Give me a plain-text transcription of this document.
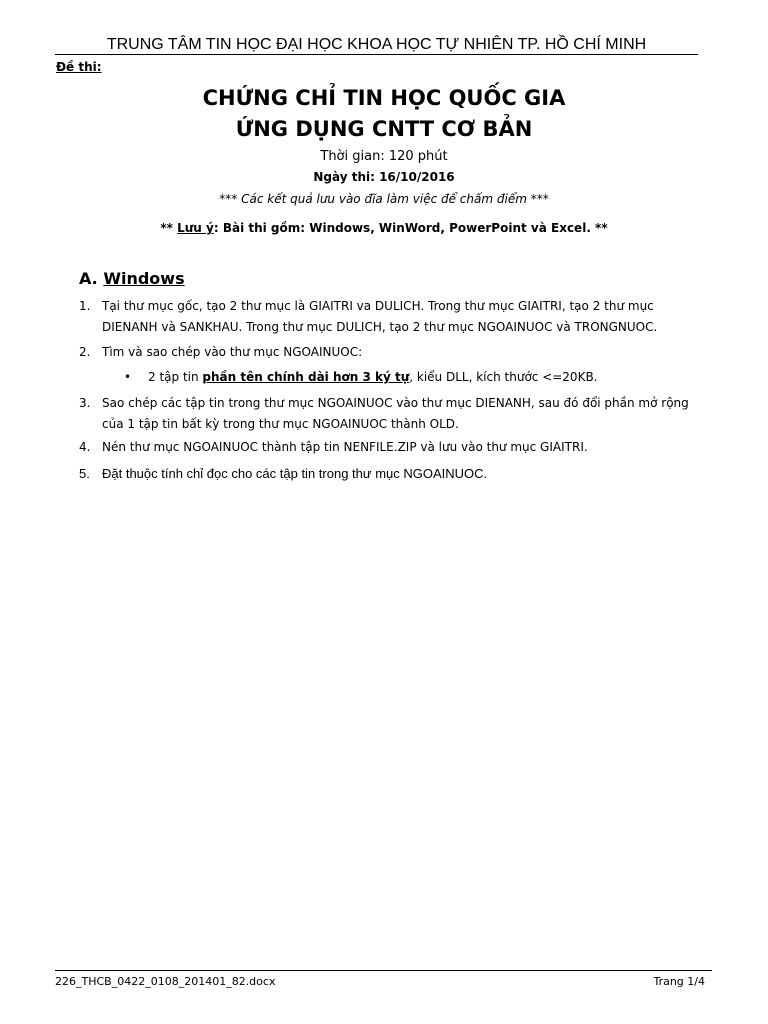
TRUNG TÂM TIN HỌC ĐẠI HỌC KHOA HỌC TỰ NHIÊN TP. HỒ CHÍ MINH
Đề thi:
CHỨNG CHỈ TIN HỌC QUỐC GIA
ỨNG DỤNG CNTT CƠ BẢN
Thời gian: 120 phút
Ngày thi: 16/10/2016
*** Các kết quả lưu vào đĩa làm việc để chấm điểm ***
** Lưu ý: Bài thi gồm: Windows, WinWord, PowerPoint và Excel. **
A. Windows
1. Tại thư mục gốc, tạo 2 thư mục là GIAITRI va DULICH. Trong thư mục GIAITRI, tạo 2 thư mục DIENANH và SANKHAU. Trong thư mục DULICH, tạo 2 thư mục NGOAINUOC và TRONGNUOC.
2. Tìm và sao chép vào thư mục NGOAINUOC:
• 2 tập tin phần tên chính dài hơn 3 ký tự, kiểu DLL, kích thước <=20KB.
3. Sao chép các tập tin trong thư mục NGOAINUOC vào thư mục DIENANH, sau đó đổi phần mở rộng của 1 tập tin bất kỳ trong thư mục NGOAINUOC thành OLD.
4. Nén thư mục NGOAINUOC thành tập tin NENFILE.ZIP và lưu vào thư mục GIAITRI.
5. Đặt thuộc tính chỉ đọc cho các tập tin trong thư mục NGOAINUOC.
226_THCB_0422_0108_201401_82.docx	Trang 1/4
